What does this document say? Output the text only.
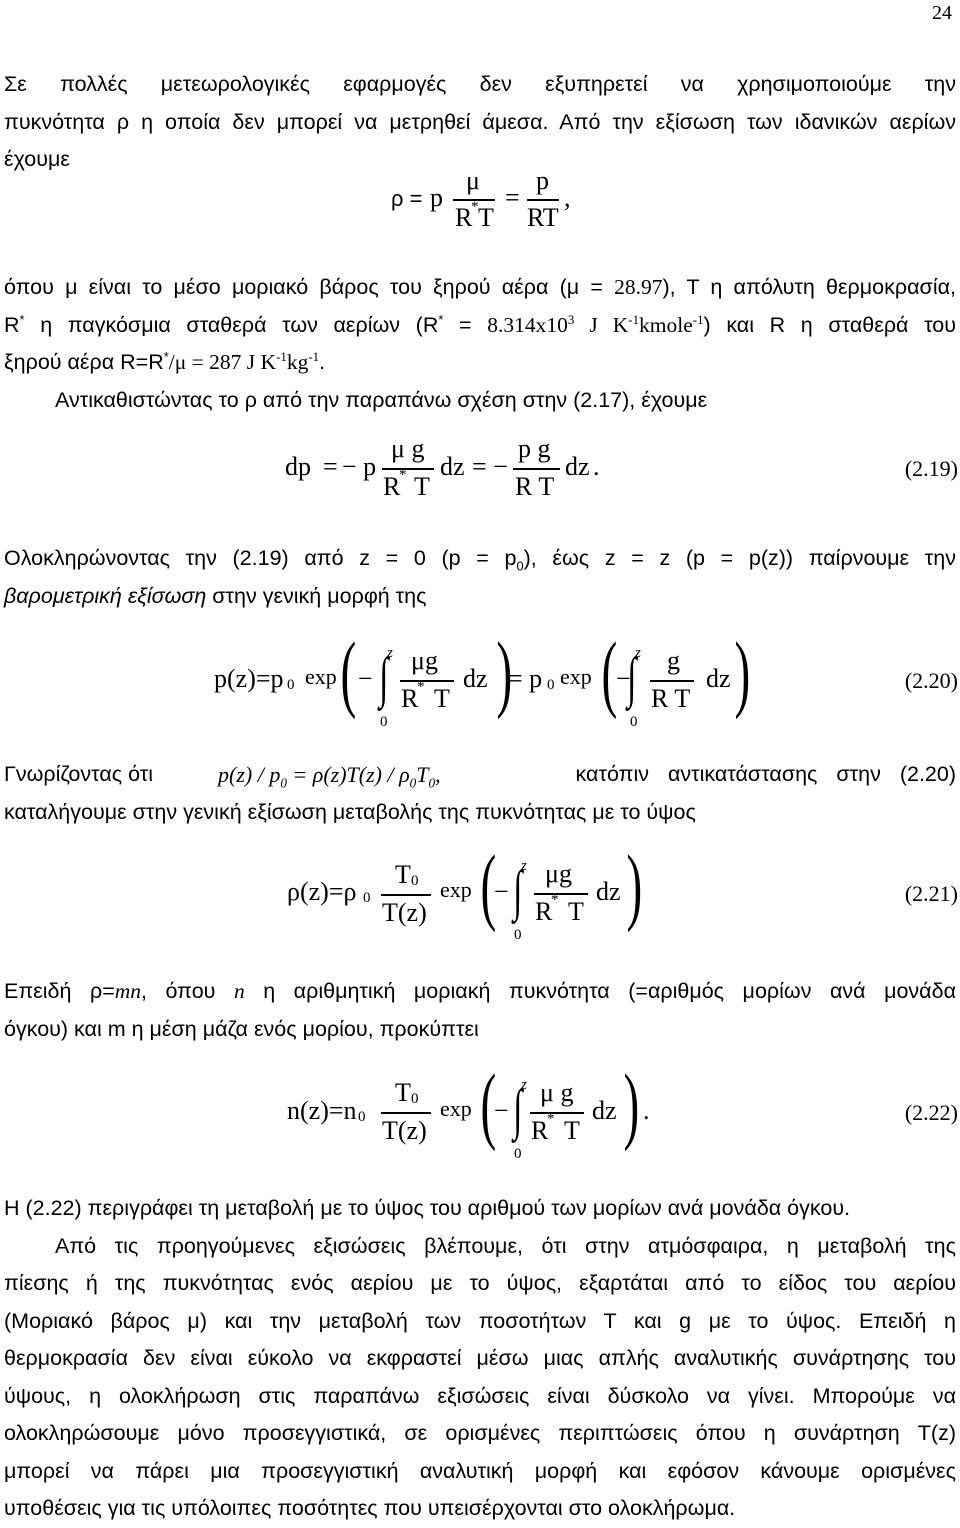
24
Σε πολλές μετεωρολογικές εφαρμογές δεν εξυπηρετεί να χρησιμοποιούμε την
πυκνότητα ρ η οποία δεν μπορεί να μετρηθεί άμεσα. Από την εξίσωση των ιδανικών αερίων
έχουμε
ρ = p
μ
R
* T
=
p
RT
,
όπου μ είναι το μέσο μοριακό βάρος του ξηρού αέρα (μ = 28.97), Τ η απόλυτη θερμοκρασία,
R* η παγκόσμια σταθερά των αερίων ($R^* = 8.314x10^3$ J $K^{-1}kmole^{-1}$) και R η σταθερά του
ξηρού αέρα R=R*/μ = 287 J $K^{-1}kg^{-1}$.
Αντικαθιστώντας το ρ από την παραπάνω σχέση στην (2.17), έχουμε
dp = − p
μ g
R
* T
dz = −
p g
R T
dz .	(2.19)
Ολοκληρώνοντας την (2.19) από z = 0 $(p = p_0)$, έως z = z (p = p(z)) παίρνουμε την
βαρομετρική εξίσωση στην γενική μορφή της
p(z)=p 0 exp ( −
z
∫
0
μg
R
* T
dz )
= p 0 exp (
−
z
∫
0
g
R T
dz )	(2.20)
Γνωρίζοντας ότι	$p(z) / p_0 = \rho(z)T(z) / \rho_0T_0$,	κατόπιν αντικατάστασης στην (2.20)
καταλήγουμε στην γενική εξίσωση μεταβολής της πυκνότητας με το ύψος
ρ(z)=ρ 0
T 0
T(z)
exp (
−
z
∫
0
μg
R
* T
dz )	(2.21)
Επειδή ρ=mn, όπου n η αριθμητική μοριακή πυκνότητα (=αριθμός μορίων ανά μονάδα
όγκου) και m η μέση μάζα ενός μορίου, προκύπτει
n(z)=n 0
T 0
T(z)
exp (
−
z
∫
0
μ g
R
* T
dz ) .	(2.22)
Η (2.22) περιγράφει τη μεταβολή με το ύψος του αριθμού των μορίων ανά μονάδα όγκου.
Από τις προηγούμενες εξισώσεις βλέπουμε, ότι στην ατμόσφαιρα, η μεταβολή της
πίεσης ή της πυκνότητας ενός αερίου με το ύψος, εξαρτάται από το είδος του αερίου
(Μοριακό βάρος μ) και την μεταβολή των ποσοτήτων Τ και g με το ύψος. Επειδή η
θερμοκρασία δεν είναι εύκολο να εκφραστεί μέσω μιας απλής αναλυτικής συνάρτησης του
ύψους, η ολοκλήρωση στις παραπάνω εξισώσεις είναι δύσκολο να γίνει. Μπορούμε να
ολοκληρώσουμε μόνο προσεγγιστικά, σε ορισμένες περιπτώσεις όπου η συνάρτηση T(z)
μπορεί να πάρει μια προσεγγιστική αναλυτική μορφή και εφόσον κάνουμε ορισμένες
υποθέσεις για τις υπόλοιπες ποσότητες που υπεισέρχονται στο ολοκλήρωμα.
